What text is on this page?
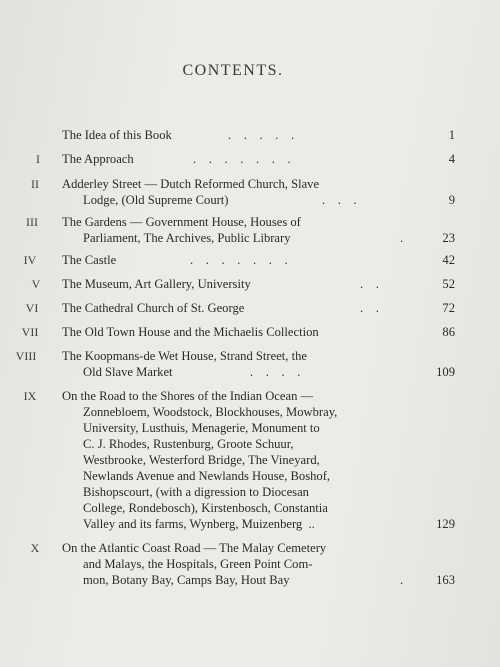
CONTENTS.
The Idea of this Book	.    .    .    .    .	1
I	The Approach	.    .    .    .    .    .    .	4
II	Adderley Street — Dutch Reformed Church, Slave
Lodge, (Old Supreme Court)	.    .    .	9
III	The Gardens — Government House, Houses of
Parliament, The Archives, Public Library	.	23
IV	The Castle	.    .    .    .    .    .    .	42
V	The Museum, Art Gallery, University	.    .	52
VI	The Cathedral Church of St. George	.    .	72
VII	The Old Town House and the Michaelis Collection	86
VIII	The Koopmans-de Wet House, Strand Street, the
Old Slave Market	.    .    .    .	109
IX	On the Road to the Shores of the Indian Ocean —
Zonnebloem, Woodstock, Blockhouses, Mowbray,
University, Lusthuis, Menagerie, Monument to
C. J. Rhodes, Rustenburg, Groote Schuur,
Westbrooke, Westerford Bridge, The Vineyard,
Newlands Avenue and Newlands House, Boshof,
Bishopscourt, (with a digression to Diocesan
College, Rondebosch), Kirstenbosch, Constantia
Valley and its farms, Wynberg, Muizenberg  ..	129
X	On the Atlantic Coast Road — The Malay Cemetery
and Malays, the Hospitals, Green Point Com-
mon, Botany Bay, Camps Bay, Hout Bay	.	163
